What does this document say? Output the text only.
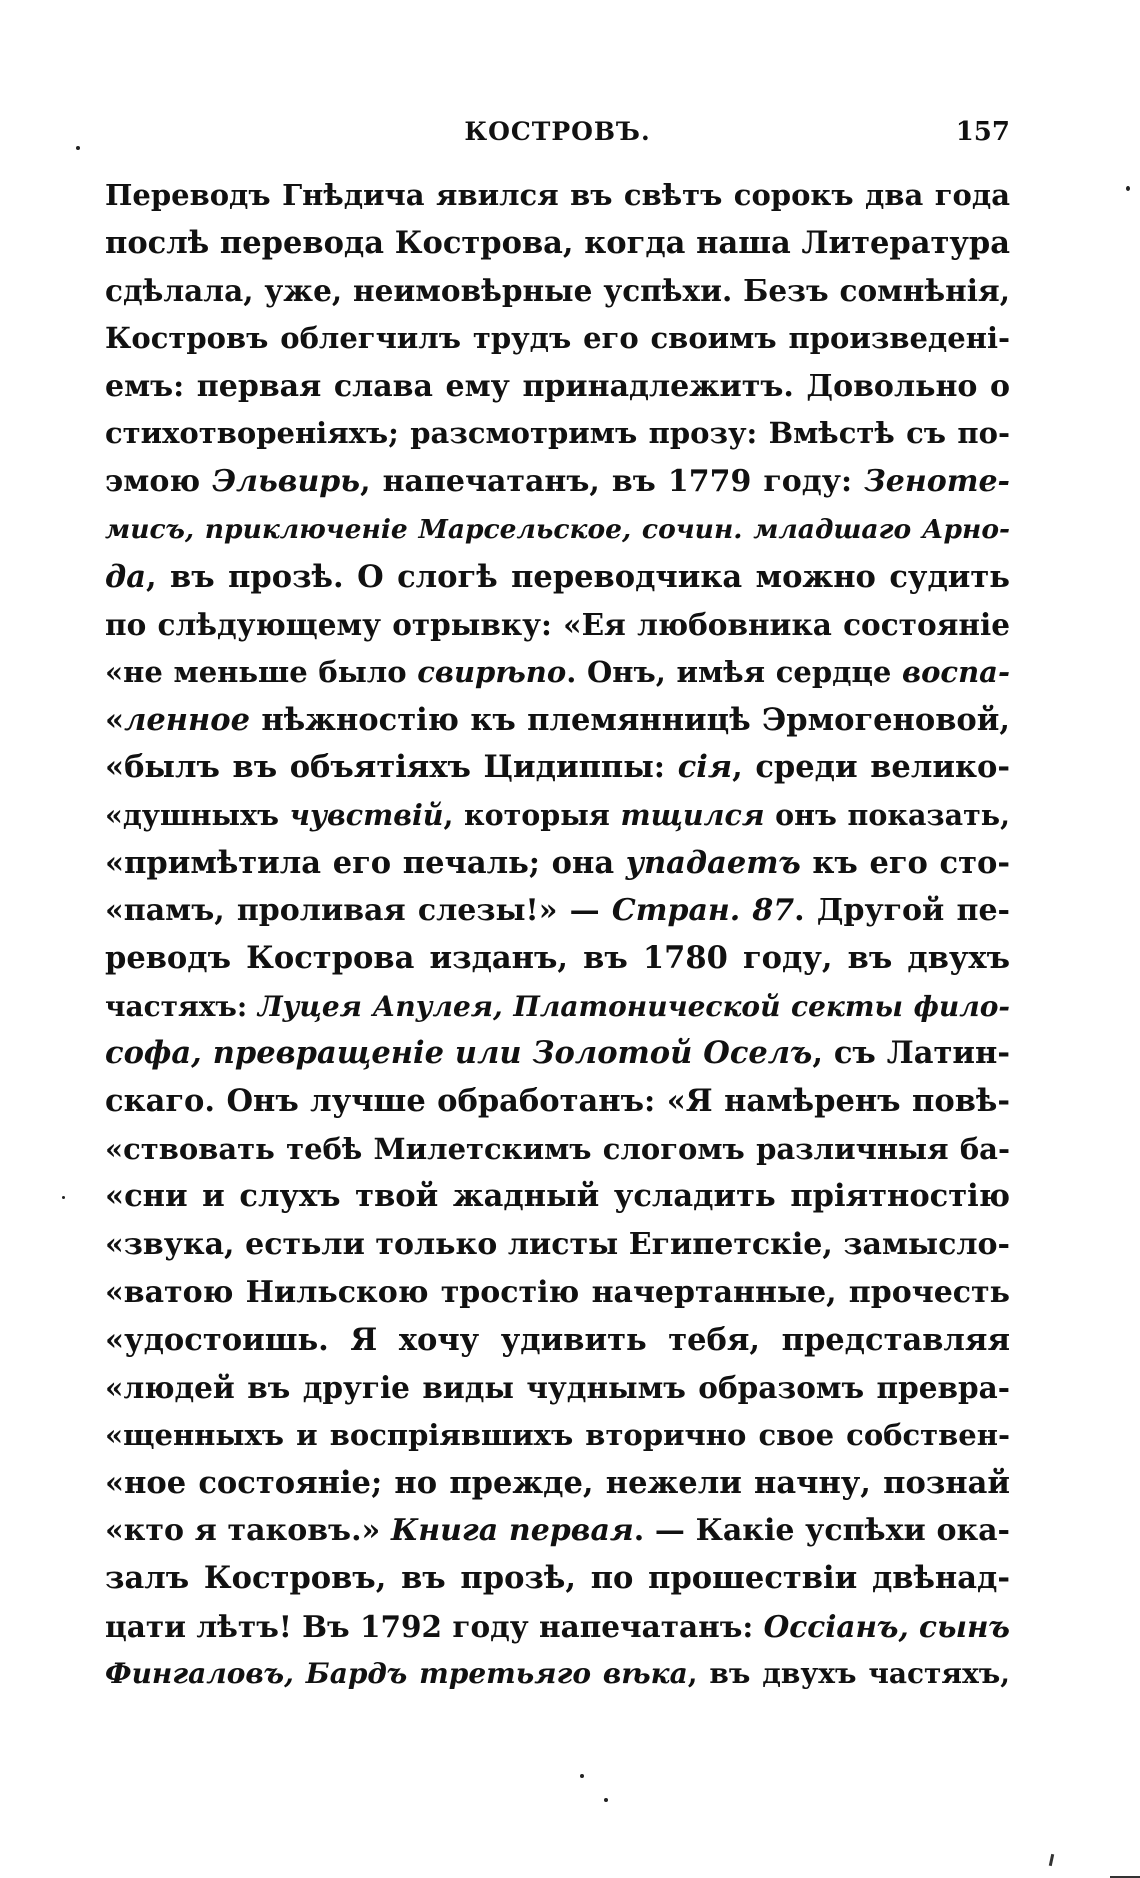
КОСТРОВЪ.	157
Переводъ Гнѣдича явился въ свѣтъ сорокъ два года
послѣ перевода Кострова, когда наша Литература
сдѣлала, уже, неимовѣрные успѣхи. Безъ сомнѣнія,
Костровъ облегчилъ трудъ его своимъ произведені-
емъ: первая слава ему принадлежитъ. Довольно о
стихотвореніяхъ; разсмотримъ прозу: Вмѣстѣ съ по-
эмою Эльвирь, напечатанъ, въ 1779 году: Зеноте-
мисъ, приключеніе Марсельское, сочин. младшаго Арно-
да, въ прозѣ. О слогѣ переводчика можно судить
по слѣдующему отрывку: «Ея любовника состояніе
«не меньше было свирѣпо. Онъ, имѣя сердце воспа-
«ленное нѣжностію къ племянницѣ Эрмогеновой,
«былъ въ объятіяхъ Цидиппы: сія, среди велико-
«душныхъ чувствій, которыя тщился онъ показать,
«примѣтила его печаль; она упадаетъ къ его сто-
«памъ, проливая слезы!» — Стран. 87. Другой пе-
реводъ Кострова изданъ, въ 1780 году, въ двухъ
частяхъ: Луцея Апулея, Платонической секты фило-
софа, превращеніе или Золотой Оселъ, съ Латин-
скаго. Онъ лучше обработанъ: «Я намѣренъ повѣ-
«ствовать тебѣ Милетскимъ слогомъ различныя ба-
«сни и слухъ твой жадный усладить пріятностію
«звука, естьли только листы Египетскіе, замысло-
«ватою Нильскою тростію начертанные, прочесть
«удостоишь. Я хочу удивить тебя, представляя
«людей въ другіе виды чуднымъ образомъ превра-
«щенныхъ и воспріявшихъ вторично свое собствен-
«ное состояніе; но прежде, нежели начну, познай
«кто я таковъ.» Книга первая. — Какіе успѣхи ока-
залъ Костровъ, въ прозѣ, по прошествіи двѣнад-
цати лѣтъ! Въ 1792 году напечатанъ: Оссіанъ, сынъ
Фингаловъ, Бардъ третьяго вѣка, въ двухъ частяхъ,
